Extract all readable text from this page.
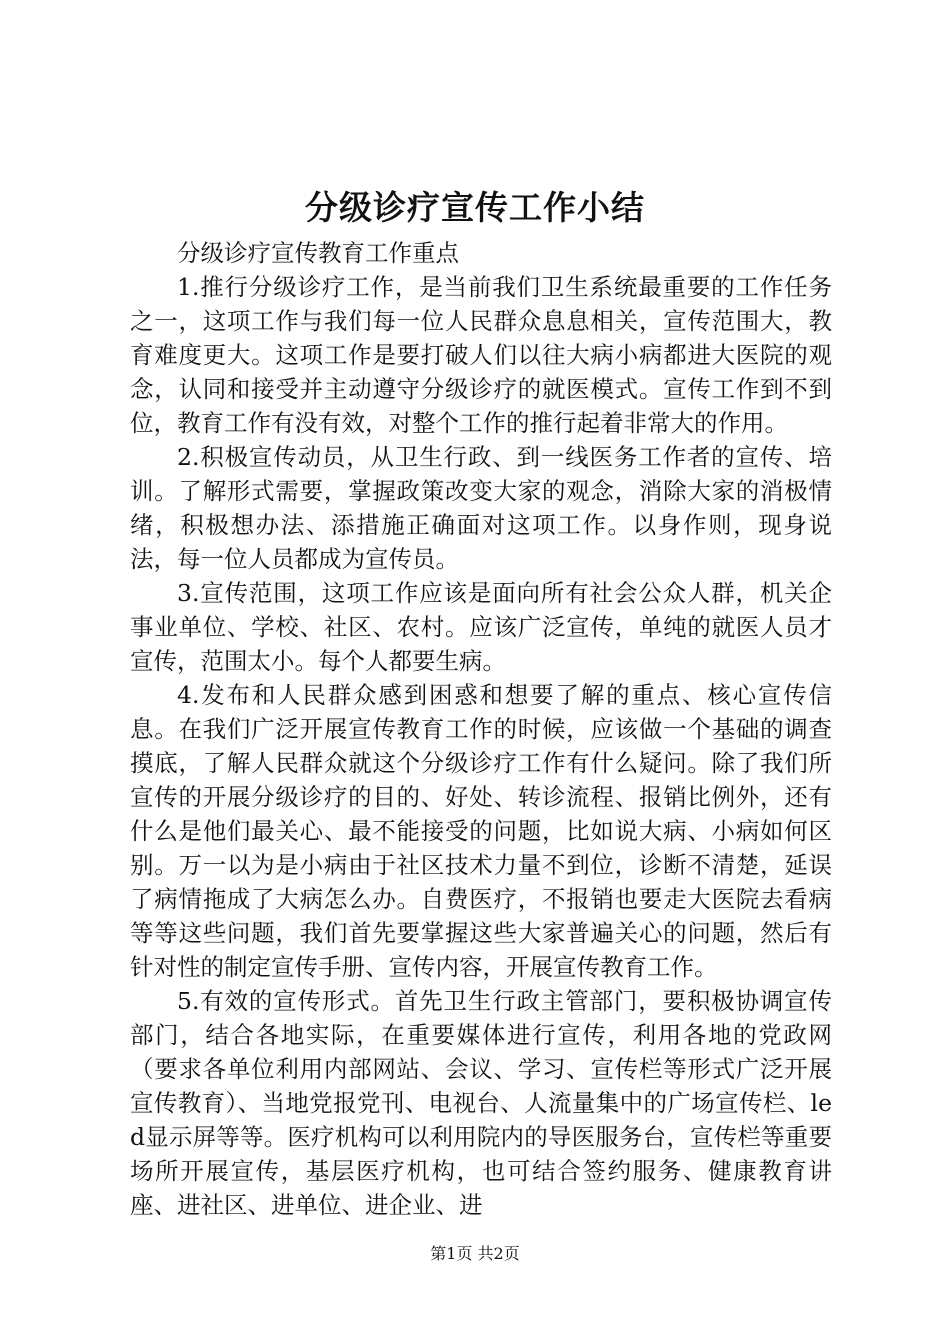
分级诊疗宣传工作小结

分级诊疗宣传教育工作重点

1.推行分级诊疗工作，是当前我们卫生系统最重要的工作任务之一，这项工作与我们每一位人民群众息息相关，宣传范围大，教育难度更大。这项工作是要打破人们以往大病小病都进大医院的观念，认同和接受并主动遵守分级诊疗的就医模式。宣传工作到不到位，教育工作有没有效，对整个工作的推行起着非常大的作用。

2.积极宣传动员，从卫生行政、到一线医务工作者的宣传、培训。了解形式需要，掌握政策改变大家的观念，消除大家的消极情绪，积极想办法、添措施正确面对这项工作。以身作则，现身说法，每一位人员都成为宣传员。

3.宣传范围，这项工作应该是面向所有社会公众人群，机关企事业单位、学校、社区、农村。应该广泛宣传，单纯的就医人员才宣传，范围太小。每个人都要生病。

4.发布和人民群众感到困惑和想要了解的重点、核心宣传信息。在我们广泛开展宣传教育工作的时候，应该做一个基础的调查摸底，了解人民群众就这个分级诊疗工作有什么疑问。除了我们所宣传的开展分级诊疗的目的、好处、转诊流程、报销比例外，还有什么是他们最关心、最不能接受的问题，比如说大病、小病如何区别。万一以为是小病由于社区技术力量不到位，诊断不清楚，延误了病情拖成了大病怎么办。自费医疗，不报销也要走大医院去看病等等这些问题，我们首先要掌握这些大家普遍关心的问题，然后有针对性的制定宣传手册、宣传内容，开展宣传教育工作。

5.有效的宣传形式。首先卫生行政主管部门，要积极协调宣传部门，结合各地实际，在重要媒体进行宣传，利用各地的党政网（要求各单位利用内部网站、会议、学习、宣传栏等形式广泛开展宣传教育）、当地党报党刊、电视台、人流量集中的广场宣传栏、led显示屏等等。医疗机构可以利用院内的导医服务台，宣传栏等重要场所开展宣传，基层医疗机构，也可结合签约服务、健康教育讲座、进社区、进单位、进企业、进

第1页 共2页
